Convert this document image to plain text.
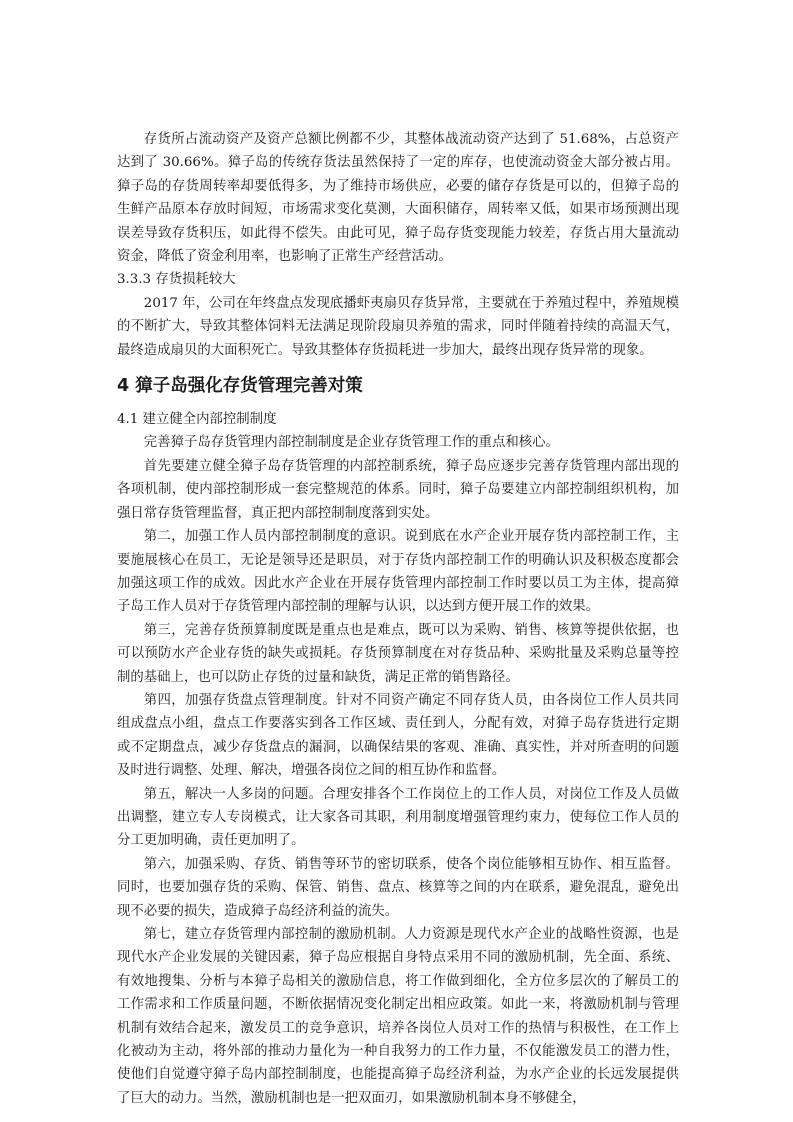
存货所占流动资产及资产总额比例都不少，其整体战流动资产达到了 51.68%，占总资产达到了 30.66%。獐子岛的传统存货法虽然保持了一定的库存，也使流动资金大部分被占用。獐子岛的存货周转率却要低得多，为了维持市场供应，必要的储存存货是可以的，但獐子岛的生鲜产品原本存放时间短，市场需求变化莫测，大面积储存，周转率又低，如果市场预测出现误差导致存货积压，如此得不偿失。由此可见，獐子岛存货变现能力较差，存货占用大量流动资金，降低了资金利用率，也影响了正常生产经营活动。

3.3.3 存货损耗较大

2017 年，公司在年终盘点发现底播虾夷扇贝存货异常，主要就在于养殖过程中，养殖规模的不断扩大，导致其整体饲料无法满足现阶段扇贝养殖的需求，同时伴随着持续的高温天气，最终造成扇贝的大面积死亡。导致其整体存货损耗进一步加大，最终出现存货异常的现象。

4 獐子岛强化存货管理完善对策

4.1 建立健全内部控制制度

完善獐子岛存货管理内部控制制度是企业存货管理工作的重点和核心。

首先要建立健全獐子岛存货管理的内部控制系统，獐子岛应逐步完善存货管理内部出现的各项机制，使内部控制形成一套完整规范的体系。同时，獐子岛要建立内部控制组织机构，加强日常存货管理监督，真正把内部控制制度落到实处。

第二，加强工作人员内部控制制度的意识。说到底在水产企业开展存货内部控制工作，主要施展核心在员工，无论是领导还是职员，对于存货内部控制工作的明确认识及积极态度都会加强这项工作的成效。因此水产企业在开展存货管理内部控制工作时要以员工为主体，提高獐子岛工作人员对于存货管理内部控制的理解与认识，以达到方便开展工作的效果。

第三，完善存货预算制度既是重点也是难点，既可以为采购、销售、核算等提供依据，也可以预防水产企业存货的缺失或损耗。存货预算制度在对存货品种、采购批量及采购总量等控制的基础上，也可以防止存货的过量和缺货，满足正常的销售路径。

第四，加强存货盘点管理制度。针对不同资产确定不同存货人员，由各岗位工作人员共同组成盘点小组，盘点工作要落实到各工作区域、责任到人，分配有效，对獐子岛存货进行定期或不定期盘点，减少存货盘点的漏洞，以确保结果的客观、准确、真实性，并对所查明的问题及时进行调整、处理、解决，增强各岗位之间的相互协作和监督。

第五，解决一人多岗的问题。合理安排各个工作岗位上的工作人员，对岗位工作及人员做出调整，建立专人专岗模式，让大家各司其职，利用制度增强管理约束力，使每位工作人员的分工更加明确，责任更加明了。

第六，加强采购、存货、销售等环节的密切联系，使各个岗位能够相互协作、相互监督。同时，也要加强存货的采购、保管、销售、盘点、核算等之间的内在联系，避免混乱，避免出现不必要的损失，造成獐子岛经济利益的流失。

第七，建立存货管理内部控制的激励机制。人力资源是现代水产企业的战略性资源，也是现代水产企业发展的关键因素，獐子岛应根据自身特点采用不同的激励机制，先全面、系统、有效地搜集、分析与本獐子岛相关的激励信息，将工作做到细化，全方位多层次的了解员工的工作需求和工作质量问题，不断依据情况变化制定出相应政策。如此一来，将激励机制与管理机制有效结合起来，激发员工的竞争意识，培养各岗位人员对工作的热情与积极性，在工作上化被动为主动，将外部的推动力量化为一种自我努力的工作力量，不仅能激发员工的潜力性，使他们自觉遵守獐子岛内部控制制度，也能提高獐子岛经济利益，为水产企业的长远发展提供了巨大的动力。当然，激励机制也是一把双面刃，如果激励机制本身不够健全，
